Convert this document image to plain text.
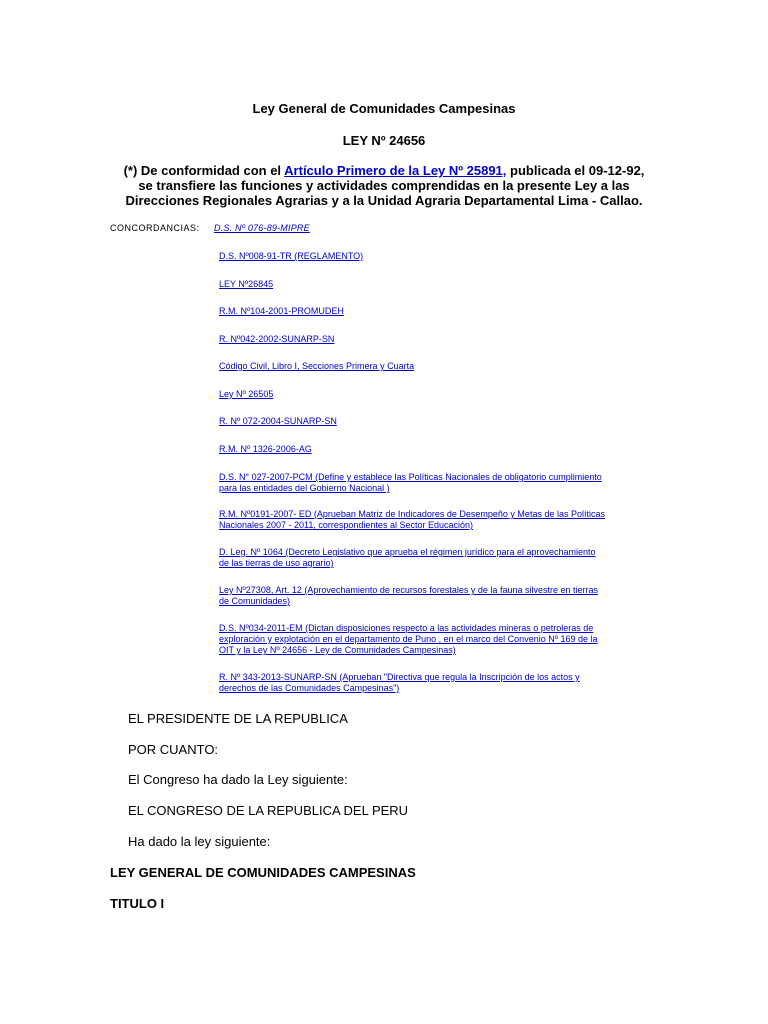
Ley General de Comunidades Campesinas
LEY Nº 24656
(*) De conformidad con el Artículo Primero de la Ley Nº 25891, publicada el 09-12-92,
se transfiere las funciones y actividades comprendidas en la presente Ley a las
Direcciones Regionales Agrarias y a la Unidad Agraria Departamental Lima - Callao.
CONCORDANCIAS: D.S. Nº 076-89-MIPRE
D.S. Nº008-91-TR (REGLAMENTO)
LEY Nº26845
R.M. Nº104-2001-PROMUDEH
R. Nº042-2002-SUNARP-SN
Código Civil, Libro I, Secciones Primera y Cuarta
Ley Nº 26505
R. Nº 072-2004-SUNARP-SN
R.M. Nº 1326-2006-AG
D.S. N° 027-2007-PCM (Define y establece las Políticas Nacionales de obligatorio cumplimiento
para las entidades del Gobierno Nacional )
R.M. Nº0191-2007- ED (Aprueban Matriz de Indicadores de Desempeño y Metas de las Políticas
Nacionales 2007 - 2011, correspondientes al Sector Educación)
D. Leg. Nº 1064 (Decreto Legislativo que aprueba el régimen jurídico para el aprovechamiento
de las tierras de uso agrario)
Ley Nº27308, Art. 12 (Aprovechamiento de recursos forestales y de la fauna silvestre en tierras
de Comunidades)
D.S. Nº034-2011-EM (Dictan disposiciones respecto a las actividades mineras o petroleras de
exploración y explotación en el departamento de Puno , en el marco del Convenio Nº 169 de la
OIT y la Ley Nº 24656 - Ley de Comunidades Campesinas)
R. Nº 343-2013-SUNARP-SN (Aprueban "Directiva que regula la Inscripción de los actos y
derechos de las Comunidades Campesinas")
EL PRESIDENTE DE LA REPUBLICA
POR CUANTO:
El Congreso ha dado la Ley siguiente:
EL CONGRESO DE LA REPUBLICA DEL PERU
Ha dado la ley siguiente:
LEY GENERAL DE COMUNIDADES CAMPESINAS
TITULO I
